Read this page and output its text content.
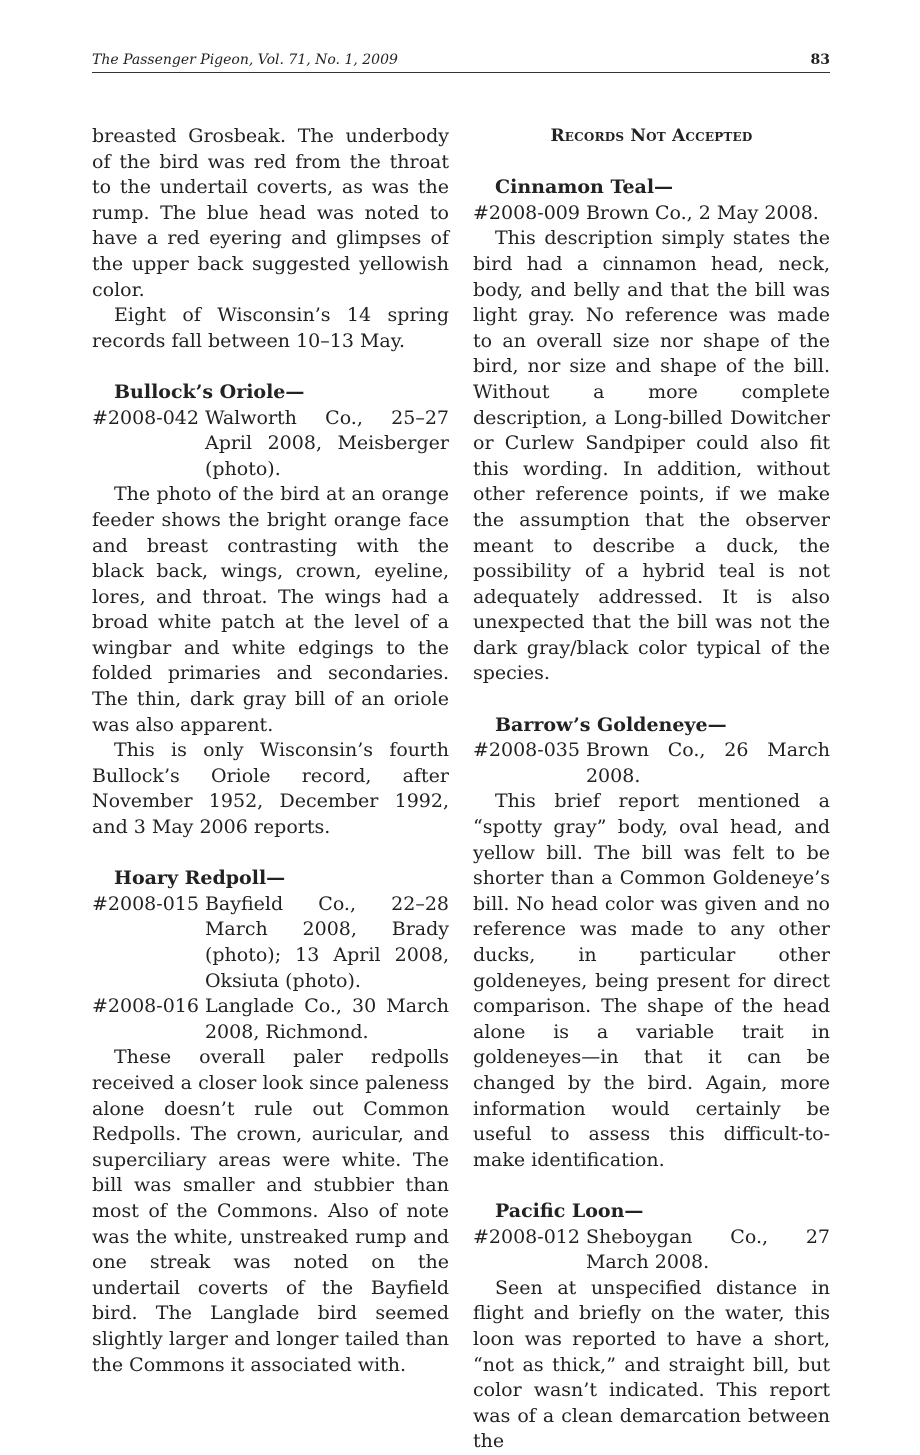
The Passenger Pigeon, Vol. 71, No. 1, 2009	83

breasted Grosbeak. The underbody of the bird was red from the throat to the undertail coverts, as was the rump. The blue head was noted to have a red eyering and glimpses of the upper back suggested yellowish color.

Eight of Wisconsin’s 14 spring records fall between 10–13 May.

Bullock’s Oriole—

#2008-042 Walworth Co., 25–27 April 2008, Meisberger (photo).

The photo of the bird at an orange feeder shows the bright orange face and breast contrasting with the black back, wings, crown, eyeline, lores, and throat. The wings had a broad white patch at the level of a wingbar and white edgings to the folded primaries and secondaries. The thin, dark gray bill of an oriole was also apparent.

This is only Wisconsin’s fourth Bullock’s Oriole record, after November 1952, December 1992, and 3 May 2006 reports.

Hoary Redpoll—

#2008-015 Bayfield Co., 22–28 March 2008, Brady (photo); 13 April 2008, Oksiuta (photo).
#2008-016 Langlade Co., 30 March 2008, Richmond.

These overall paler redpolls received a closer look since paleness alone doesn’t rule out Common Redpolls. The crown, auricular, and superciliary areas were white. The bill was smaller and stubbier than most of the Commons. Also of note was the white, unstreaked rump and one streak was noted on the undertail coverts of the Bayfield bird. The Langlade bird seemed slightly larger and longer tailed than the Commons it associated with.

Records Not Accepted

Cinnamon Teal—

#2008-009 Brown Co., 2 May 2008.

This description simply states the bird had a cinnamon head, neck, body, and belly and that the bill was light gray. No reference was made to an overall size nor shape of the bird, nor size and shape of the bill. Without a more complete description, a Long-billed Dowitcher or Curlew Sandpiper could also fit this wording. In addition, without other reference points, if we make the assumption that the observer meant to describe a duck, the possibility of a hybrid teal is not adequately addressed. It is also unexpected that the bill was not the dark gray/black color typical of the species.

Barrow’s Goldeneye—

#2008-035 Brown Co., 26 March 2008.

This brief report mentioned a “spotty gray” body, oval head, and yellow bill. The bill was felt to be shorter than a Common Goldeneye’s bill. No head color was given and no reference was made to any other ducks, in particular other goldeneyes, being present for direct comparison. The shape of the head alone is a variable trait in goldeneyes—in that it can be changed by the bird. Again, more information would certainly be useful to assess this difficult-to-make identification.

Pacific Loon—

#2008-012 Sheboygan Co., 27 March 2008.

Seen at unspecified distance in flight and briefly on the water, this loon was reported to have a short, “not as thick,” and straight bill, but color wasn’t indicated. This report was of a clean demarcation between the
